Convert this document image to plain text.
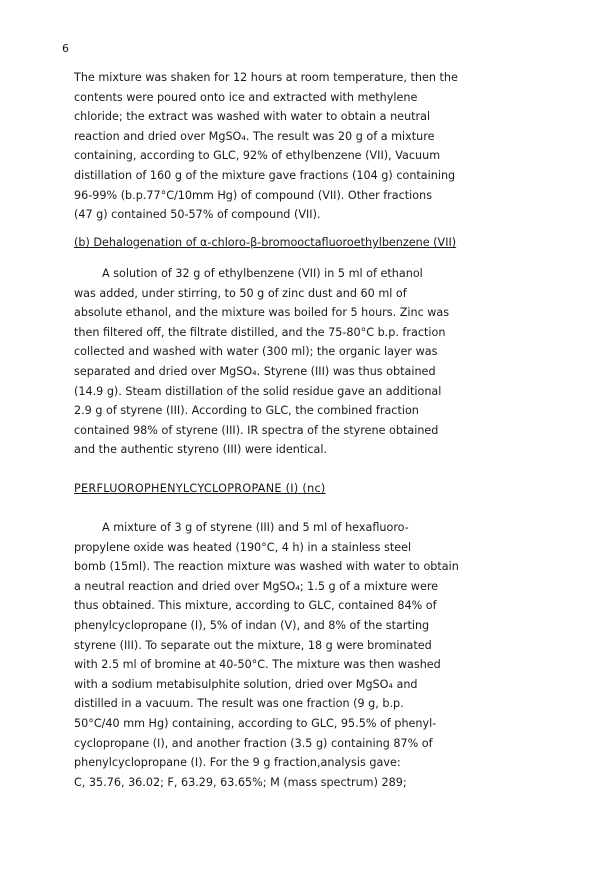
6
The mixture was shaken for 12 hours at room temperature, then the
contents were poured onto ice and extracted with methylene
chloride; the extract was washed with water to obtain a neutral
reaction and dried over MgSO₄. The result was 20 g of a mixture
containing, according to GLC, 92% of ethylbenzene (VII), Vacuum
distillation of 160 g of the mixture gave fractions (104 g) containing
96-99% (b.p.77°C/10mm Hg) of compound (VII). Other fractions
(47 g) contained 50-57% of compound (VII).
(b) Dehalogenation of α-chloro-β-bromooctafluoroethylbenzene (VII)
A solution of 32 g of ethylbenzene (VII) in 5 ml of ethanol
was added, under stirring, to 50 g of zinc dust and 60 ml of
absolute ethanol, and the mixture was boiled for 5 hours. Zinc was
then filtered off, the filtrate distilled, and the 75-80°C b.p. fraction
collected and washed with water (300 ml); the organic layer was
separated and dried over MgSO₄. Styrene (III) was thus obtained
(14.9 g). Steam distillation of the solid residue gave an additional
2.9 g of styrene (III). According to GLC, the combined fraction
contained 98% of styrene (III). IR spectra of the styrene obtained
and the authentic styreno (III) were identical.
PERFLUOROPHENYLCYCLOPROPANE (I) (nc)
A mixture of 3 g of styrene (III) and 5 ml of hexafluoro-
propylene oxide was heated (190°C, 4 h) in a stainless steel
bomb (15ml). The reaction mixture was washed with water to obtain
a neutral reaction and dried over MgSO₄; 1.5 g of a mixture were
thus obtained. This mixture, according to GLC, contained 84% of
phenylcyclopropane (I), 5% of indan (V), and 8% of the starting
styrene (III). To separate out the mixture, 18 g were brominated
with 2.5 ml of bromine at 40-50°C. The mixture was then washed
with a sodium metabisulphite solution, dried over MgSO₄ and
distilled in a vacuum. The result was one fraction (9 g, b.p.
50°C/40 mm Hg) containing, according to GLC, 95.5% of phenyl-
cyclopropane (I), and another fraction (3.5 g) containing 87% of
phenylcyclopropane (I). For the 9 g fraction,analysis gave:
C, 35.76, 36.02; F, 63.29, 63.65%; M (mass spectrum) 289;
